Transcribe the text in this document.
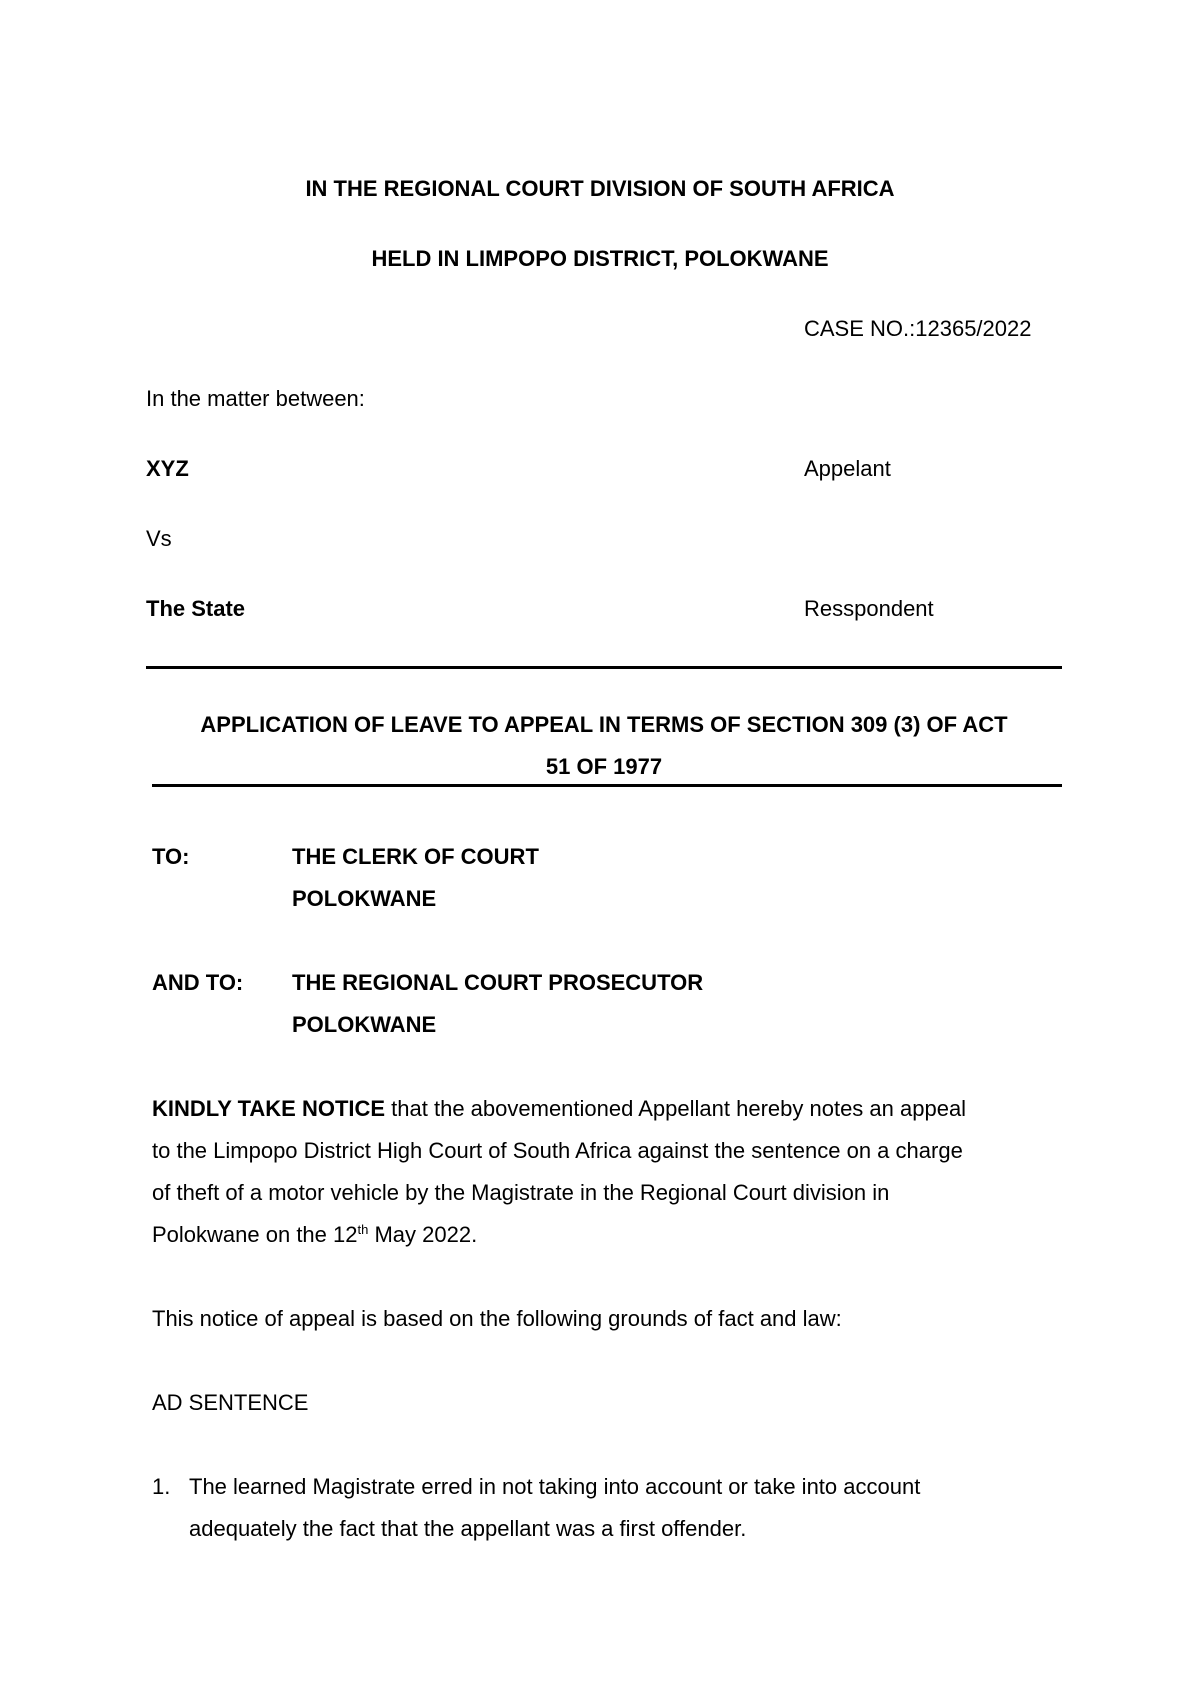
IN THE REGIONAL COURT DIVISION OF SOUTH AFRICA
HELD IN LIMPOPO DISTRICT, POLOKWANE
CASE NO.:12365/2022
In the matter between:
XYZ	Appelant
Vs
The State	Resspondent
APPLICATION OF LEAVE TO APPEAL IN TERMS OF SECTION 309 (3) OF ACT
51 OF 1977
TO:	THE CLERK OF COURT
POLOKWANE
AND TO: THE REGIONAL COURT PROSECUTOR
POLOKWANE
KINDLY TAKE NOTICE that the abovementioned Appellant hereby notes an appeal
to the Limpopo District High Court of South Africa against the sentence on a charge
of theft of a motor vehicle by the Magistrate in the Regional Court division in
Polokwane on the 12th May 2022.
This notice of appeal is based on the following grounds of fact and law:
AD SENTENCE
1. The learned Magistrate erred in not taking into account or take into account
adequately the fact that the appellant was a first offender.
